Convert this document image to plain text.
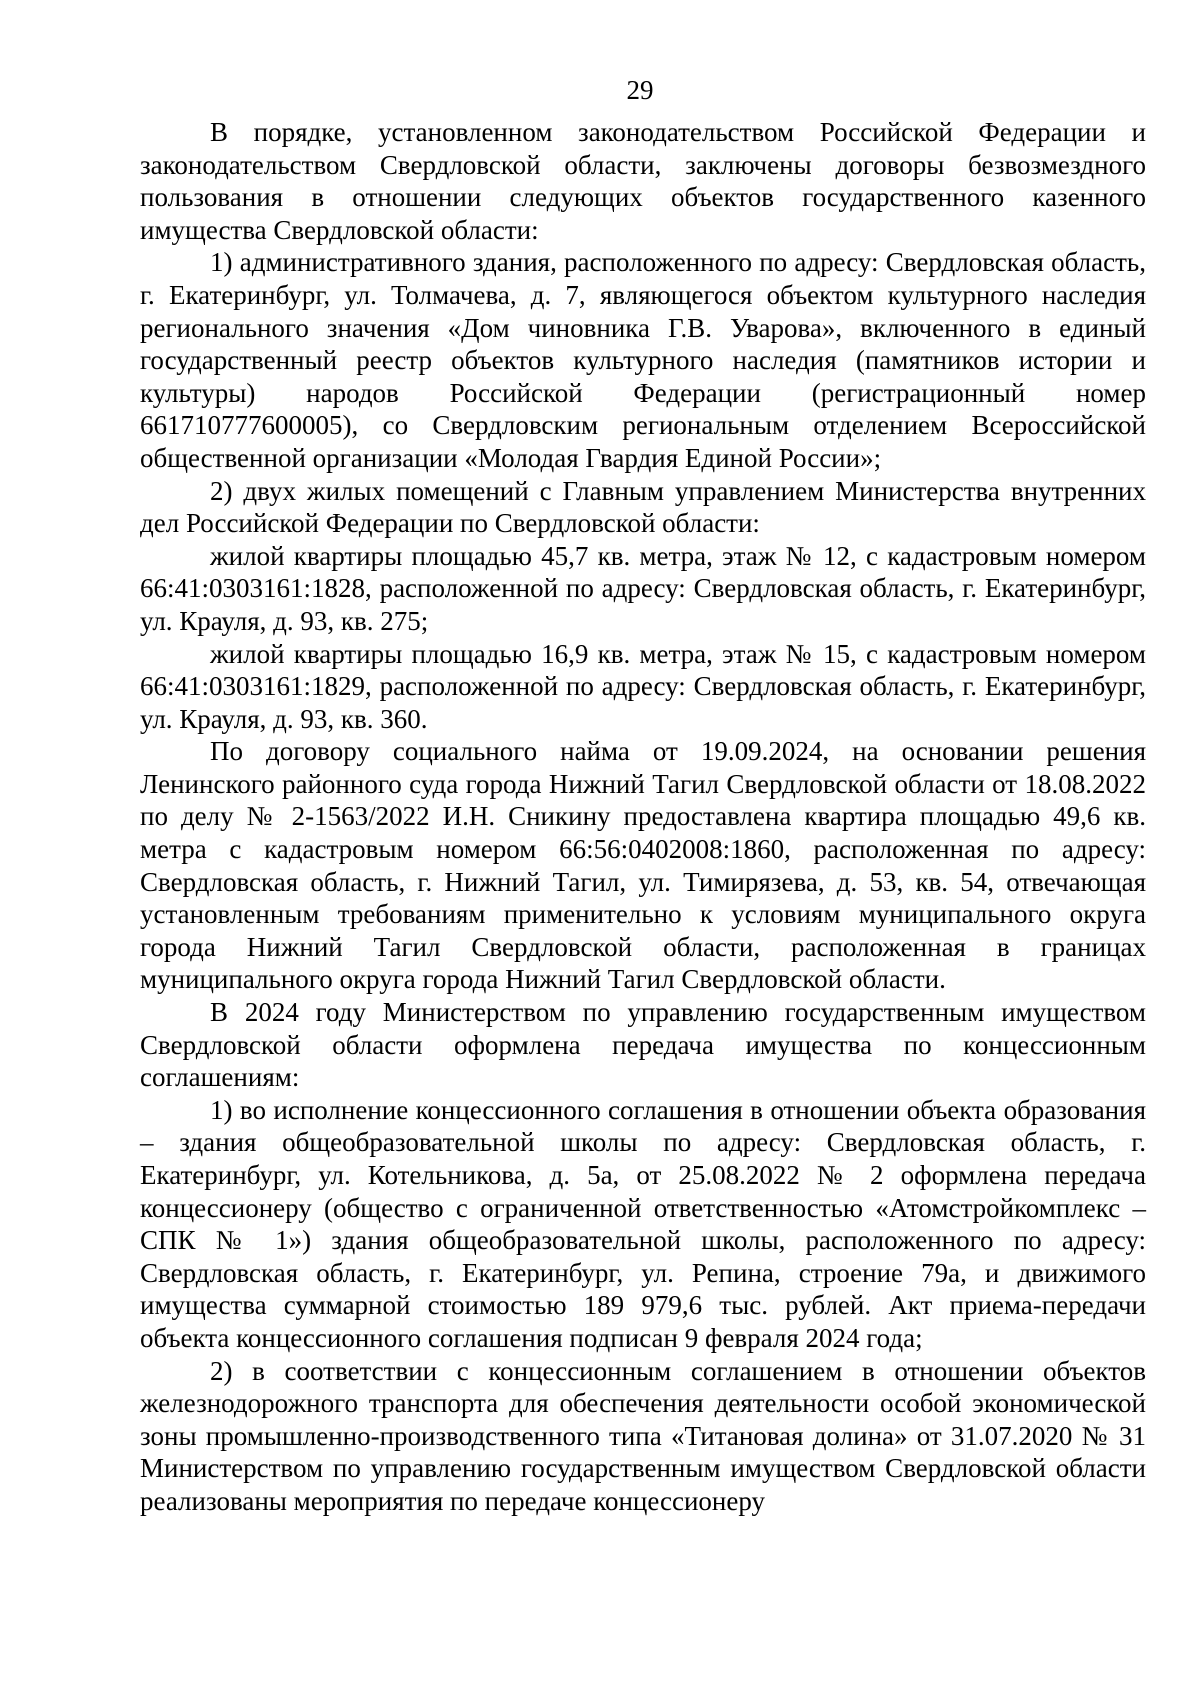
29

В порядке, установленном законодательством Российской Федерации и законодательством Свердловской области, заключены договоры безвозмездного пользования в отношении следующих объектов государственного казенного имущества Свердловской области:

1) административного здания, расположенного по адресу: Свердловская область, г. Екатеринбург, ул. Толмачева, д. 7, являющегося объектом культурного наследия регионального значения «Дом чиновника Г.В. Уварова», включенного в единый государственный реестр объектов культурного наследия (памятников истории и культуры) народов Российской Федерации (регистрационный номер 661710777600005), со Свердловским региональным отделением Всероссийской общественной организации «Молодая Гвардия Единой России»;

2) двух жилых помещений с Главным управлением Министерства внутренних дел Российской Федерации по Свердловской области:

жилой квартиры площадью 45,7 кв. метра, этаж № 12, с кадастровым номером 66:41:0303161:1828, расположенной по адресу: Свердловская область, г. Екатеринбург, ул. Крауля, д. 93, кв. 275;

жилой квартиры площадью 16,9 кв. метра, этаж № 15, с кадастровым номером 66:41:0303161:1829, расположенной по адресу: Свердловская область, г. Екатеринбург, ул. Крауля, д. 93, кв. 360.

По договору социального найма от 19.09.2024, на основании решения Ленинского районного суда города Нижний Тагил Свердловской области от 18.08.2022 по делу № 2-1563/2022 И.Н. Сникину предоставлена квартира площадью 49,6 кв. метра с кадастровым номером 66:56:0402008:1860, расположенная по адресу: Свердловская область, г. Нижний Тагил, ул. Тимирязева, д. 53, кв. 54, отвечающая установленным требованиям применительно к условиям муниципального округа города Нижний Тагил Свердловской области, расположенная в границах муниципального округа города Нижний Тагил Свердловской области.

В 2024 году Министерством по управлению государственным имуществом Свердловской области оформлена передача имущества по концессионным соглашениям:

1) во исполнение концессионного соглашения в отношении объекта образования – здания общеобразовательной школы по адресу: Свердловская область, г. Екатеринбург, ул. Котельникова, д. 5а, от 25.08.2022 № 2 оформлена передача концессионеру (общество с ограниченной ответственностью «Атомстройкомплекс – СПК № 1») здания общеобразовательной школы, расположенного по адресу: Свердловская область, г. Екатеринбург, ул. Репина, строение 79а, и движимого имущества суммарной стоимостью 189 979,6 тыс. рублей. Акт приема-передачи объекта концессионного соглашения подписан 9 февраля 2024 года;

2) в соответствии с концессионным соглашением в отношении объектов железнодорожного транспорта для обеспечения деятельности особой экономической зоны промышленно-производственного типа «Титановая долина» от 31.07.2020 № 31 Министерством по управлению государственным имуществом Свердловской области реализованы мероприятия по передаче концессионеру
